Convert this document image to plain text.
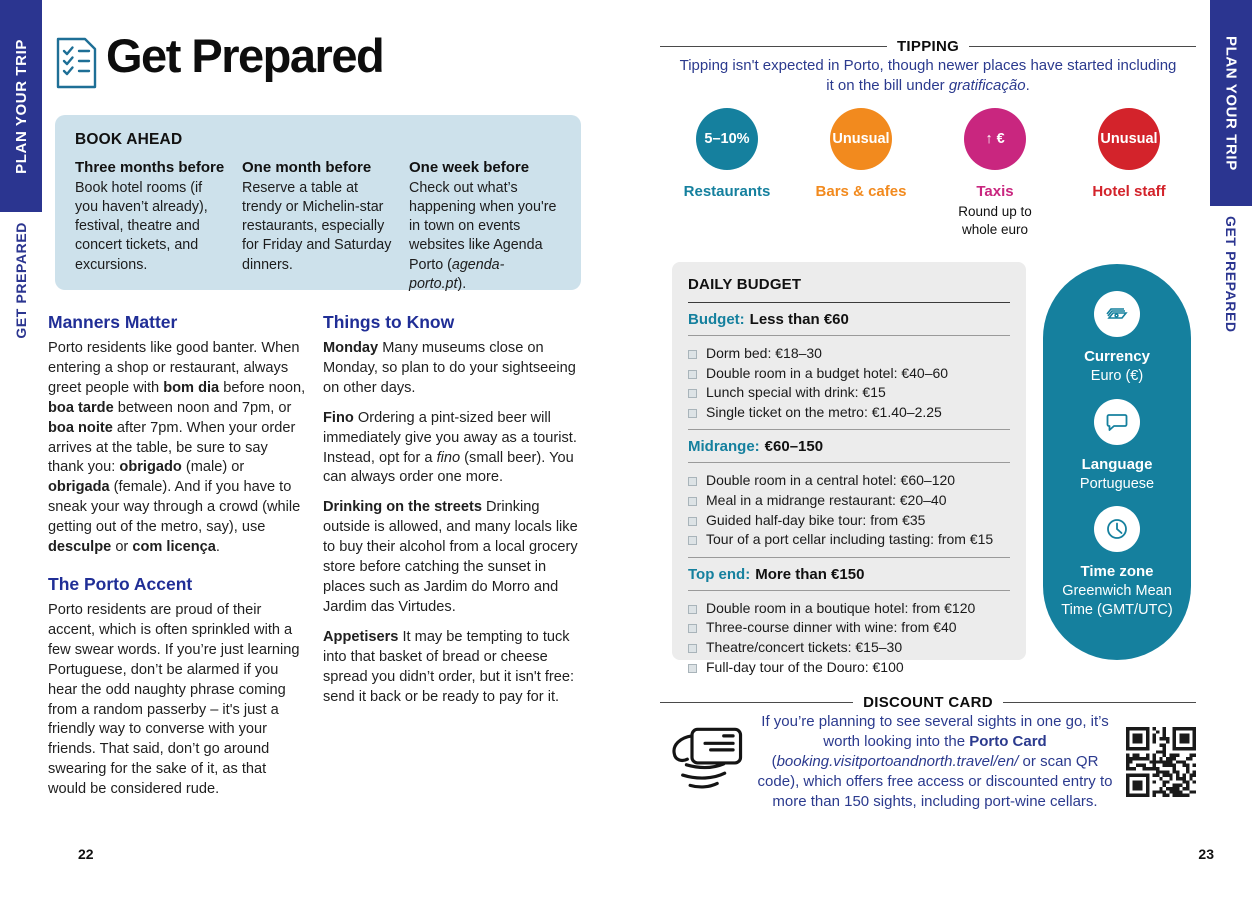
PLAN YOUR TRIP
GET PREPARED
PLAN YOUR TRIP
GET PREPARED
Get Prepared
BOOK AHEAD
Three months before

Book hotel rooms (if you haven’t already), festival, theatre and concert tickets, and excursions.

One month before

Reserve a table at trendy or Michelin-star restaurants, especially for Friday and Saturday dinners.

One week before

Check out what’s happening when you're in town on events websites like Agenda Porto (agenda-porto.pt).

Manners Matter

Porto residents like good banter. When entering a shop or restaurant, always greet people with bom dia before noon, boa tarde between noon and 7pm, or boa noite after 7pm. When your order arrives at the table, be sure to say thank you: obrigado (male) or obrigada (female). And if you have to sneak your way through a crowd (while getting out of the metro, say), use desculpe or com licença.

The Porto Accent

Porto residents are proud of their accent, which is often sprinkled with a few swear words. If you’re just learning Portuguese, don’t be alarmed if you hear the odd naughty phrase coming from a random passerby – it's just a friendly way to converse with your friends. That said, don’t go around swearing for the sake of it, as that would be considered rude.

Things to Know

Monday Many museums close on Monday, so plan to do your sightseeing on other days.

Fino Ordering a pint-sized beer will immediately give you away as a tourist. Instead, opt for a fino (small beer). You can always order one more.

Drinking on the streets Drinking outside is allowed, and many locals like to buy their alcohol from a local grocery store before catching the sunset in places such as Jardim do Morro and Jardim das Virtudes.

Appetisers It may be tempting to tuck into that basket of bread or cheese spread you didn’t order, but it isn't free: send it back or be ready to pay for it.

22
TIPPING
Tipping isn't expected in Porto, though newer places have started including it on the bill under gratificação.
5–10%
Restaurants
Unusual
Bars & cafes
↑ €
Taxis
Round up to whole euro
Unusual
Hotel staff
DAILY BUDGET
Budget: Less than €60
Dorm bed: €18–30
Double room in a budget hotel: €40–60
Lunch special with drink: €15
Single ticket on the metro: €1.40–2.25
Midrange: €60–150
Double room in a central hotel: €60–120
Meal in a midrange restaurant: €20–40
Guided half-day bike tour: from €35
Tour of a port cellar including tasting: from €15
Top end: More than €150
Double room in a boutique hotel: from €120
Three-course dinner with wine: from €40
Theatre/concert tickets: €15–30
Full-day tour of the Douro: €100
Currency
Euro (€)
Language
Portuguese
Time zone
Greenwich Mean Time (GMT/UTC)
DISCOUNT CARD
If you’re planning to see several sights in one go, it’s worth looking into the Porto Card (booking.visitportoandnorth.travel/en/ or scan QR code), which offers free access or discounted entry to more than 150 sights, including port-wine cellars.
23
